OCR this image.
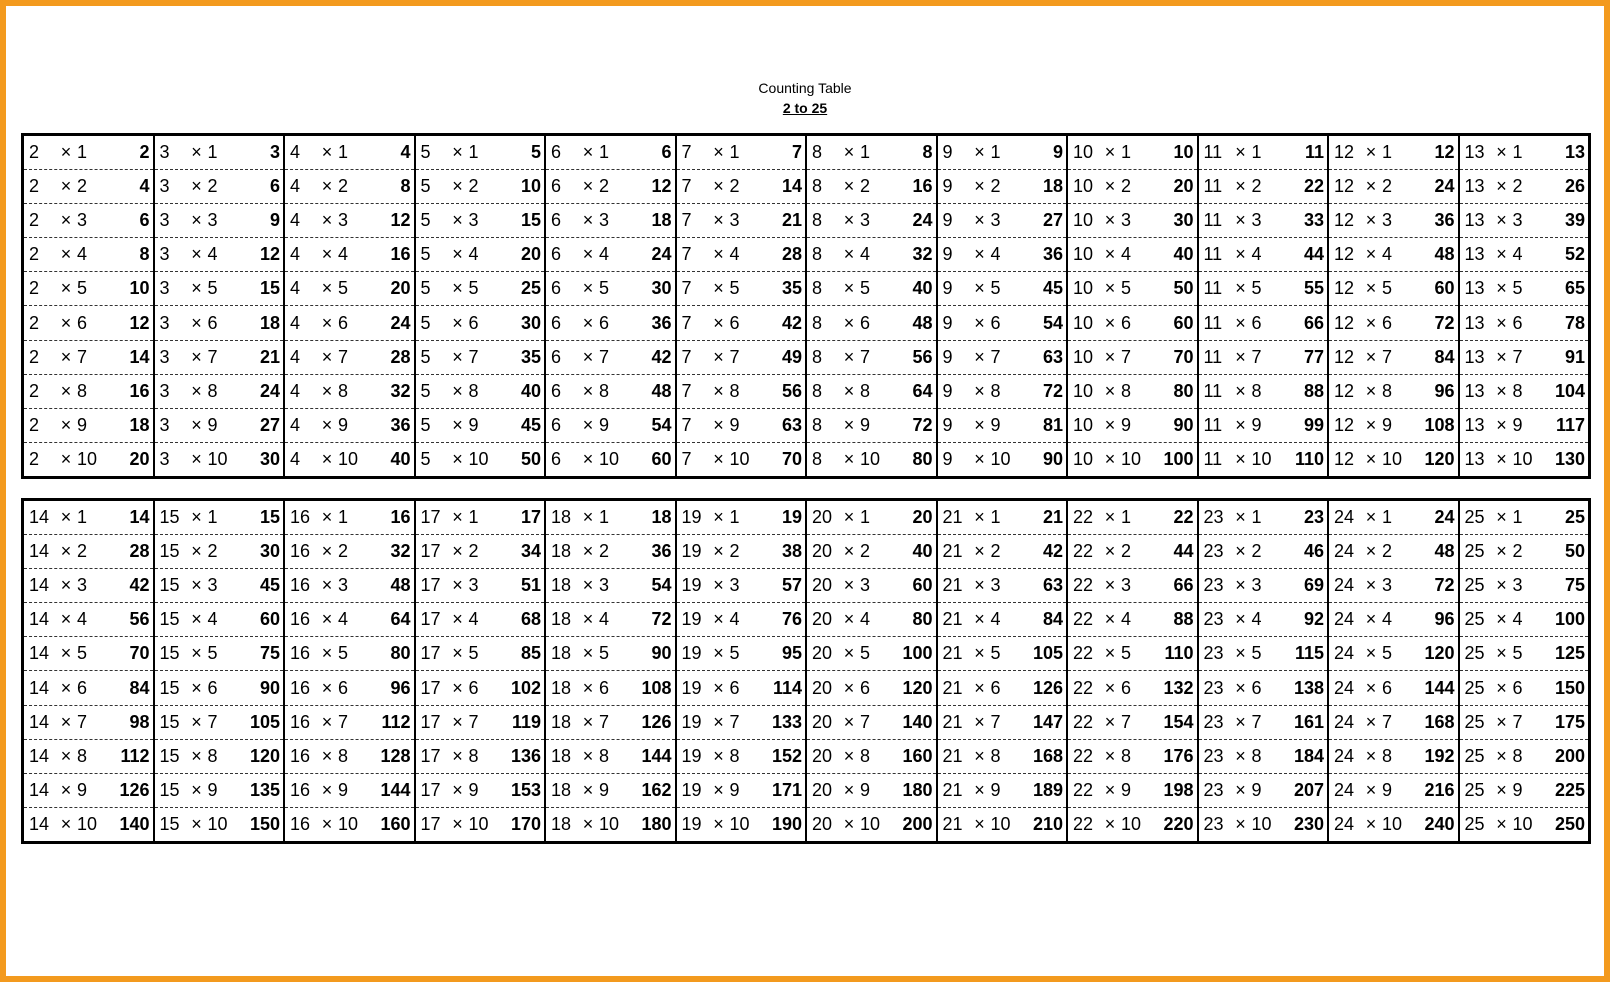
Counting Table
2 to 25
2	× 1	2
2	× 2	4
2	× 3	6
2	× 4	8
2	× 5	10
2	× 6	12
2	× 7	14
2	× 8	16
2	× 9	18
2	× 10 20
3	× 1	3
3	× 2	6
3	× 3	9
3	× 4	12
3	× 5	15
3	× 6	18
3	× 7	21
3	× 8	24
3	× 9	27
3	× 10 30
4	× 1	4
4	× 2	8
4	× 3	12
4	× 4	16
4	× 5	20
4	× 6	24
4	× 7	28
4	× 8	32
4	× 9	36
4	× 10 40
5	× 1	5
5	× 2	10
5	× 3	15
5	× 4	20
5	× 5	25
5	× 6	30
5	× 7	35
5	× 8	40
5	× 9	45
5	× 10 50
6	× 1	6
6	× 2	12
6	× 3	18
6	× 4	24
6	× 5	30
6	× 6	36
6	× 7	42
6	× 8	48
6	× 9	54
6	× 10 60
7	× 1	7
7	× 2	14
7	× 3	21
7	× 4	28
7	× 5	35
7	× 6	42
7	× 7	49
7	× 8	56
7	× 9	63
7	× 10 70
8	× 1	8
8	× 2	16
8	× 3	24
8	× 4	32
8	× 5	40
8	× 6	48
8	× 7	56
8	× 8	64
8	× 9	72
8	× 10 80
9	× 1	9
9	× 2	18
9	× 3	27
9	× 4	36
9	× 5	45
9	× 6	54
9	× 7	63
9	× 8	72
9	× 9	81
9	× 10 90
10 × 1	10
10 × 2	20
10 × 3	30
10 × 4	40
10 × 5	50
10 × 6	60
10 × 7	70
10 × 8	80
10 × 9	90
10 × 10 100
11 × 1	11
11 × 2	22
11 × 3	33
11 × 4	44
11 × 5	55
11 × 6	66
11 × 7	77
11 × 8	88
11 × 9	99
11 × 10 110
12 × 1	12
12 × 2	24
12 × 3	36
12 × 4	48
12 × 5	60
12 × 6	72
12 × 7	84
12 × 8	96
12 × 9	108
12 × 10 120
13 × 1	13
13 × 2	26
13 × 3	39
13 × 4	52
13 × 5	65
13 × 6	78
13 × 7	91
13 × 8	104
13 × 9	117
13 × 10 130
14 × 1	14
14 × 2	28
14 × 3	42
14 × 4	56
14 × 5	70
14 × 6	84
14 × 7	98
14 × 8	112
14 × 9	126
14 × 10 140
15 × 1	15
15 × 2	30
15 × 3	45
15 × 4	60
15 × 5	75
15 × 6	90
15 × 7	105
15 × 8	120
15 × 9	135
15 × 10 150
16 × 1	16
16 × 2	32
16 × 3	48
16 × 4	64
16 × 5	80
16 × 6	96
16 × 7	112
16 × 8	128
16 × 9	144
16 × 10 160
17 × 1	17
17 × 2	34
17 × 3	51
17 × 4	68
17 × 5	85
17 × 6	102
17 × 7	119
17 × 8	136
17 × 9	153
17 × 10 170
18 × 1	18
18 × 2	36
18 × 3	54
18 × 4	72
18 × 5	90
18 × 6	108
18 × 7	126
18 × 8	144
18 × 9	162
18 × 10 180
19 × 1	19
19 × 2	38
19 × 3	57
19 × 4	76
19 × 5	95
19 × 6	114
19 × 7	133
19 × 8	152
19 × 9	171
19 × 10 190
20 × 1	20
20 × 2	40
20 × 3	60
20 × 4	80
20 × 5	100
20 × 6	120
20 × 7	140
20 × 8	160
20 × 9	180
20 × 10 200
21 × 1	21
21 × 2	42
21 × 3	63
21 × 4	84
21 × 5	105
21 × 6	126
21 × 7	147
21 × 8	168
21 × 9	189
21 × 10 210
22 × 1	22
22 × 2	44
22 × 3	66
22 × 4	88
22 × 5	110
22 × 6	132
22 × 7	154
22 × 8	176
22 × 9	198
22 × 10 220
23 × 1	23
23 × 2	46
23 × 3	69
23 × 4	92
23 × 5	115
23 × 6	138
23 × 7	161
23 × 8	184
23 × 9	207
23 × 10 230
24 × 1	24
24 × 2	48
24 × 3	72
24 × 4	96
24 × 5	120
24 × 6	144
24 × 7	168
24 × 8	192
24 × 9	216
24 × 10 240
25 × 1	25
25 × 2	50
25 × 3	75
25 × 4	100
25 × 5	125
25 × 6	150
25 × 7	175
25 × 8	200
25 × 9	225
25 × 10 250
